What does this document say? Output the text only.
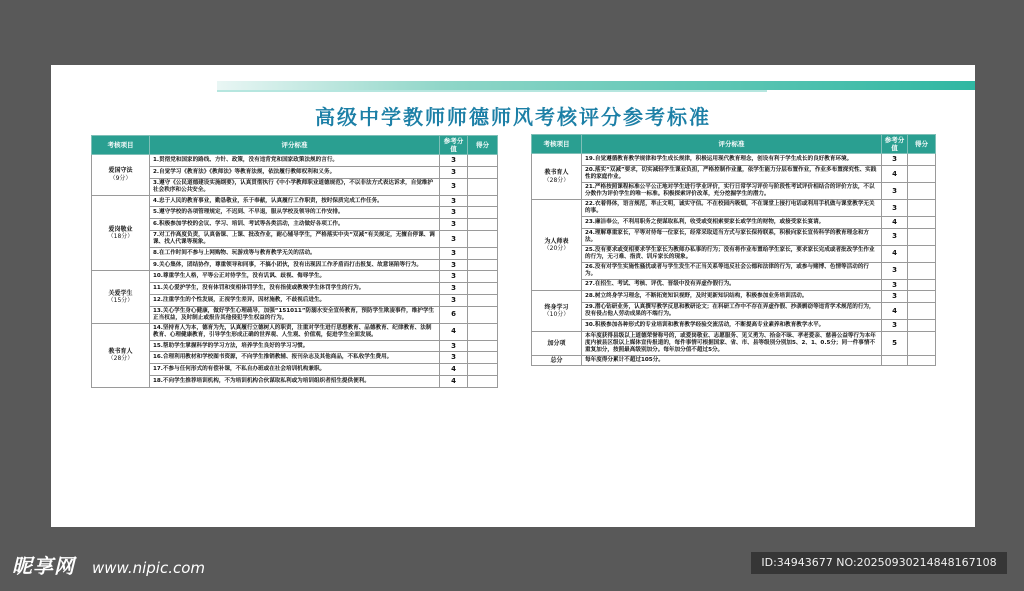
高级中学教师师德师风考核评分参考标准
考核项目	评分标准	参考分值	得分
爱国守法
（9分）	1.贯彻党和国家的路线、方针、政策，没有违背党和国家政策法规的言行。	3	
	2.自觉学习《教育法》《教师法》等教育法规，依法履行教师权利和义务。	3	
	3.遵守《公民道德建设实施纲要》，认真贯彻执行《中小学教师职业道德规范》，不以非法方式表达诉求，自觉维护社会秩序和公共安全。	3	
爱岗敬业
（18分）	4.忠于人民的教育事业，勤恳敬业，乐于奉献，认真履行工作职责，按时保质完成工作任务。	3	
	5.遵守学校的各项管理规定，不迟到、不早退，服从学校及领导的工作安排。	3	
	6.积极参加学校的会议、学习、培训、考试等各类活动，主动做好各项工作。	3	
	7.对工作高度负责，认真备课、上课、批改作业，耐心辅导学生，严格落实中央“双减”有关规定，无擅自停课、调课、找人代课等现象。	3	
	8.在工作时间不参与上网购物、玩游戏等与教育教学无关的活动。	3	
	9.关心集体，团结协作，尊重领导和同事，不搞小团伙，没有出现因工作矛盾而打击报复、故意诬陷等行为。	3	
关爱学生
（15分）	10.尊重学生人格，平等公正对待学生，没有讥讽、歧视、侮辱学生。	3	
	11.关心爱护学生，没有体罚和变相体罚学生，没有指使或教唆学生体罚学生的行为。	3	
	12.注重学生的个性发展，正视学生差异，因材施教，不歧视后进生。	3	
	13.关心学生身心健康，做好学生心理疏导，加强“151011”防溺水安全宣传教育，预防学生欺凌事件，维护学生正当权益，及时制止或报告其他侵犯学生权益的行为。	6	
教书育人
（28分）	14.坚持育人为本，德育为先，认真履行立德树人的职责，注重对学生进行思想教育、品德教育、纪律教育、法制教育、心理健康教育，引导学生形成正确的世界观、人生观、价值观，促进学生全面发展。	4	
	15.帮助学生掌握科学的学习方法，培养学生良好的学习习惯。	3	
	16.合理利用教材和学校图书资源，不向学生推销教辅、报刊杂志及其他商品，不私收学生费用。	3	
	17.不参与任何形式的有偿补课，不私自办班或在社会培训机构兼职。	4	
	18.不向学生推荐培训机构，不为培训机构合伙谋取私利或为培训组织者招生提供便利。	4	
考核项目	评分标准	参考分值	得分
教书育人
（28分）	19.自觉遵循教育教学规律和学生成长规律，积极运用现代教育理念，创设有利于学生成长的良好教育环境。	3	
	20.落实“双减”要求，切实减轻学生课业负担，严格控制作业量，依学生能力分层布置作业，作业多布置探究性、实践性的家庭作业。	4	
	21.严格按照课程标准公平公正地对学生进行学业评价，实行日常学习评价与阶段性考试评价相结合的评价方法，不以分数作为评价学生的唯一标准。积极探索评价改革，充分挖掘学生的潜力。	3	
为人师表
（20分）	22.衣着得体，语言规范，举止文明，诚实守信。不在校园内吸烟，不在课堂上接打电话或利用手机做与课堂教学无关的事。	3	
	23.廉洁奉公，不利用职务之便谋取私利，收受或变相索要家长或学生的财物，或接受家长宴请。	4	
	24.理解尊重家长，平等对待每一位家长，经常采取适当方式与家长保持联系，积极向家长宣传科学的教育理念和方法。	3	
	25.没有要求或变相要求学生家长为教师办私事的行为；没有将作业布置给学生家长，要求家长完成或者批改学生作业的行为，无刁难、指责、训斥家长的现象。	4	
	26.没有对学生实施性骚扰或者与学生发生不正当关系等违反社会公德和法律的行为，或参与赌博、色情等活动的行为。	3	
	27.在招生、考试、考核、评优、晋级中没有弄虚作假行为。	3	
终身学习
（10分）	28.树立终身学习理念，不断拓宽知识视野，及时更新知识结构，积极参加业务培训活动。	3	
	29.潜心钻研业务，认真撰写教学反思和教研论文；在科研工作中不存在弄虚作假、抄袭剽窃等违背学术规范的行为，没有侵占他人劳动成果的不端行为。	4	
	30.积极参加各种形式的专业培训和教育教学经验交流活动，不断提高专业素养和教育教学水平。	3	
加分项	本年度获得县级以上道德荣誉称号的，或爱岗敬业、志愿服务、见义勇为、拾金不昧、孝老爱亲、慈善公益等行为本年度内被县区级以上媒体宣传报道的，每件事情可根据国家、省、市、县等级别分别加5、2、1、0.5分；同一件事情不重复加分，按照最高级别加分。每年加分值不超过5分。	5	
总分	每年度得分累计不超过105分。		
昵享网 www.nipic.com	ID:34943677 NO:20250930214848167108
